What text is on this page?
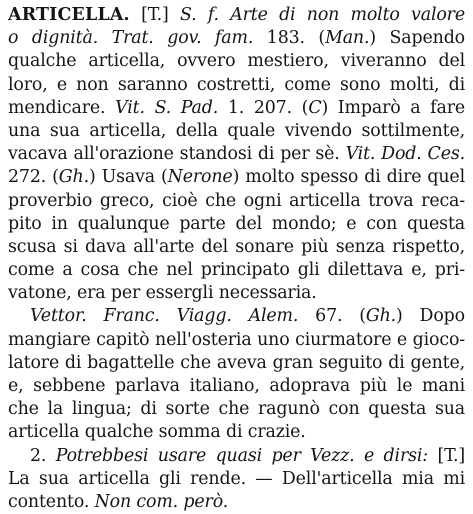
ARTICELLA. [T.] S. f. Arte di non molto valore
o dignità. Trat. gov. fam. 183. (Man.) Sapendo
qualche articella, ovvero mestiero, viveranno del
loro, e non saranno costretti, come sono molti, di
mendicare. Vit. S. Pad. 1. 207. (C) Imparò a fare
una sua articella, della quale vivendo sottilmente,
vacava all'orazione standosi di per sè. Vit. Dod. Ces.
272. (Gh.) Usava (Nerone) molto spesso di dire quel
proverbio greco, cioè che ogni articella trova reca-
pito in qualunque parte del mondo; e con questa
scusa si dava all'arte del sonare più senza rispetto,
come a cosa che nel principato gli dilettava e, pri-
vatone, era per essergli necessaria.
Vettor. Franc. Viagg. Alem. 67. (Gh.) Dopo
mangiare capitò nell'osteria uno ciurmatore e gioco-
latore di bagattelle che aveva gran seguito di gente,
e, sebbene parlava italiano, adoprava più le mani
che la lingua; di sorte che ragunò con questa sua
articella qualche somma di crazie.
2. Potrebbesi usare quasi per Vezz. e dirsi: [T.]
La sua articella gli rende. — Dell'articella mia mi
contento. Non com. però.
